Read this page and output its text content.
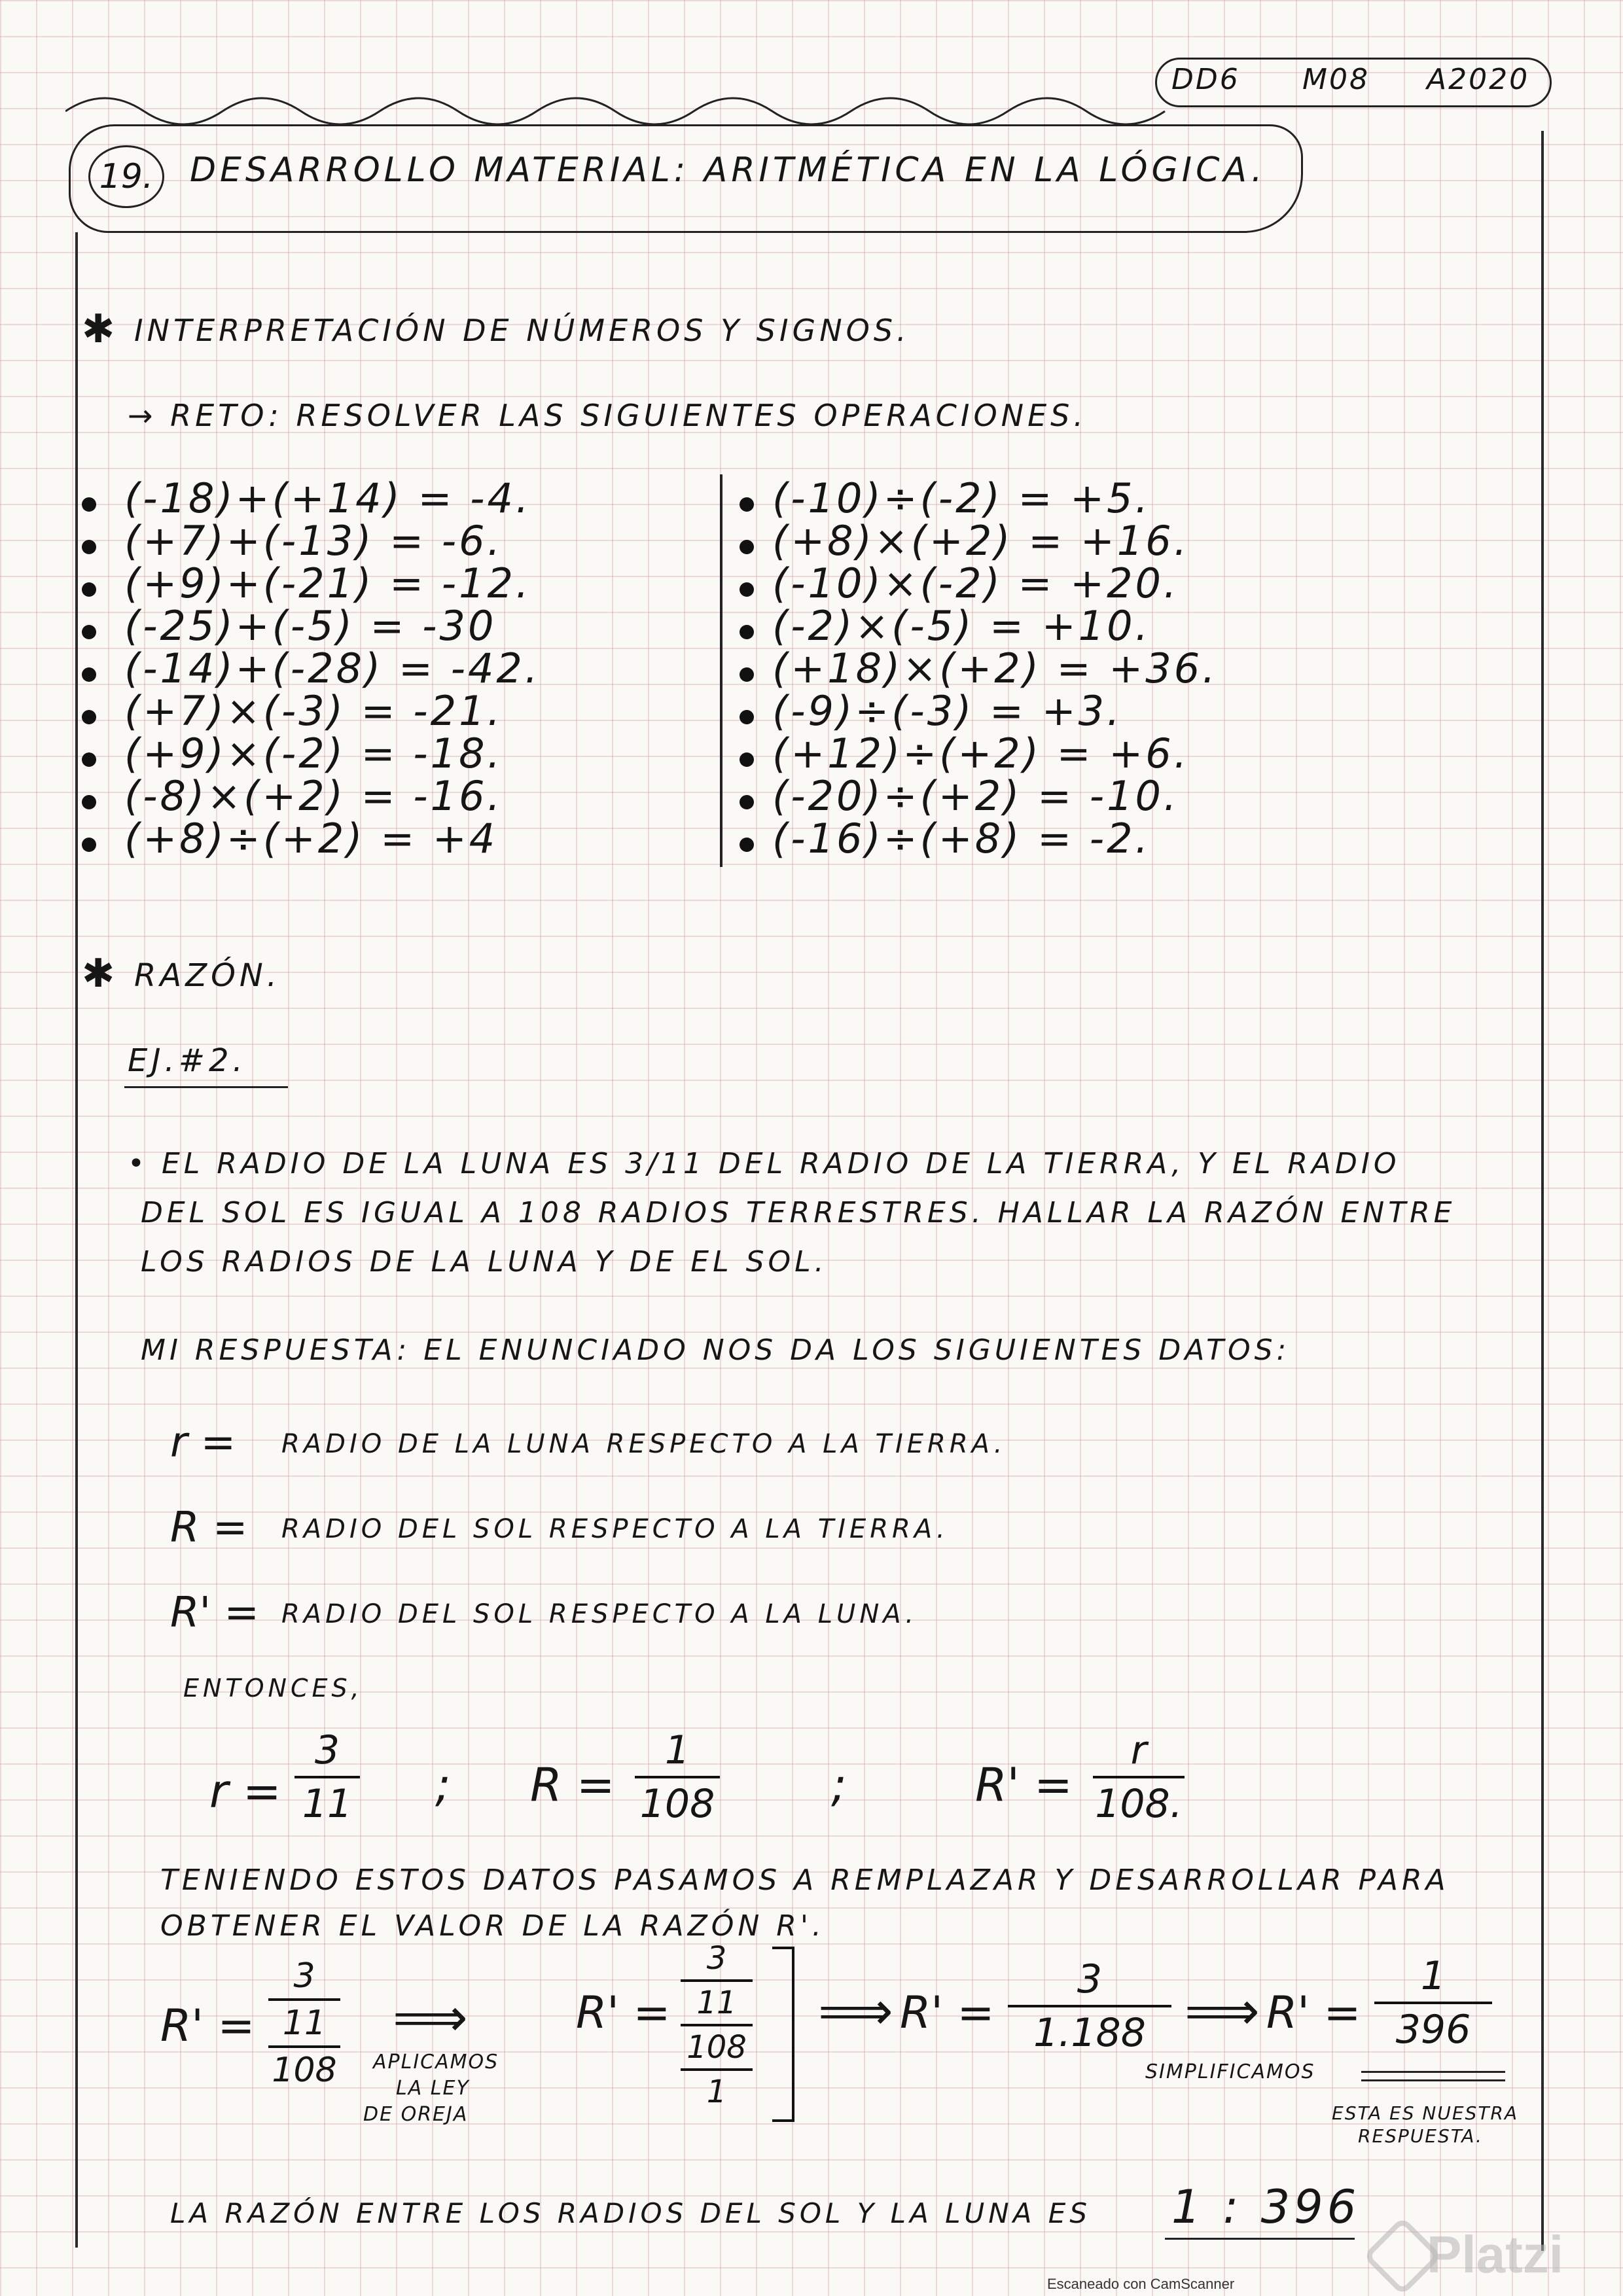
DD6 M08 A2020
19.	DESARROLLO MATERIAL: ARITMÉTICA EN LA LÓGICA.
✱ INTERPRETACIÓN DE NÚMEROS Y SIGNOS.
→ RETO: RESOLVER LAS SIGUIENTES OPERACIONES.
(-18)+(+14) = -4.
(+7)+(-13) = -6.
(+9)+(-21) = -12.
(-25)+(-5) = -30
(-14)+(-28) = -42.
(+7)×(-3) = -21.
(+9)×(-2) = -18.
(-8)×(+2) = -16.
(+8)÷(+2) = +4
(-10)÷(-2) = +5.
(+8)×(+2) = +16.
(-10)×(-2) = +20.
(-2)×(-5) = +10.
(+18)×(+2) = +36.
(-9)÷(-3) = +3.
(+12)÷(+2) = +6.
(-20)÷(+2) = -10.
(-16)÷(+8) = -2.
✱ RAZÓN.
EJ.#2.
• EL RADIO DE LA LUNA ES 3/11 DEL RADIO DE LA TIERRA, Y EL RADIO
DEL SOL ES IGUAL A 108 RADIOS TERRESTRES. HALLAR LA RAZÓN ENTRE
LOS RADIOS DE LA LUNA Y DE EL SOL.
MI RESPUESTA: EL ENUNCIADO NOS DA LOS SIGUIENTES DATOS:
r = RADIO DE LA LUNA RESPECTO A LA TIERRA.
R = RADIO DEL SOL RESPECTO A LA TIERRA.
R' = RADIO DEL SOL RESPECTO A LA LUNA.
ENTONCES,
r =
3
11 ; R =
1
108	;	R' =
r
108.
TENIENDO ESTOS DATOS PASAMOS A REMPLAZAR Y DESARROLLAR PARA
OBTENER EL VALOR DE LA RAZÓN R'.
R' =
3
11
108
⟹
APLICAMOS
LA LEY
DE OREJA
R' =
3
11
108
1
⟹ R' =
3
1.188
SIMPLIFICAMOS
⟹ R' =
1
396
ESTA ES NUESTRA
RESPUESTA.
LA RAZÓN ENTRE LOS RADIOS DEL SOL Y LA LUNA ES 1 : 396
Platzi
Escaneado con CamScanner
